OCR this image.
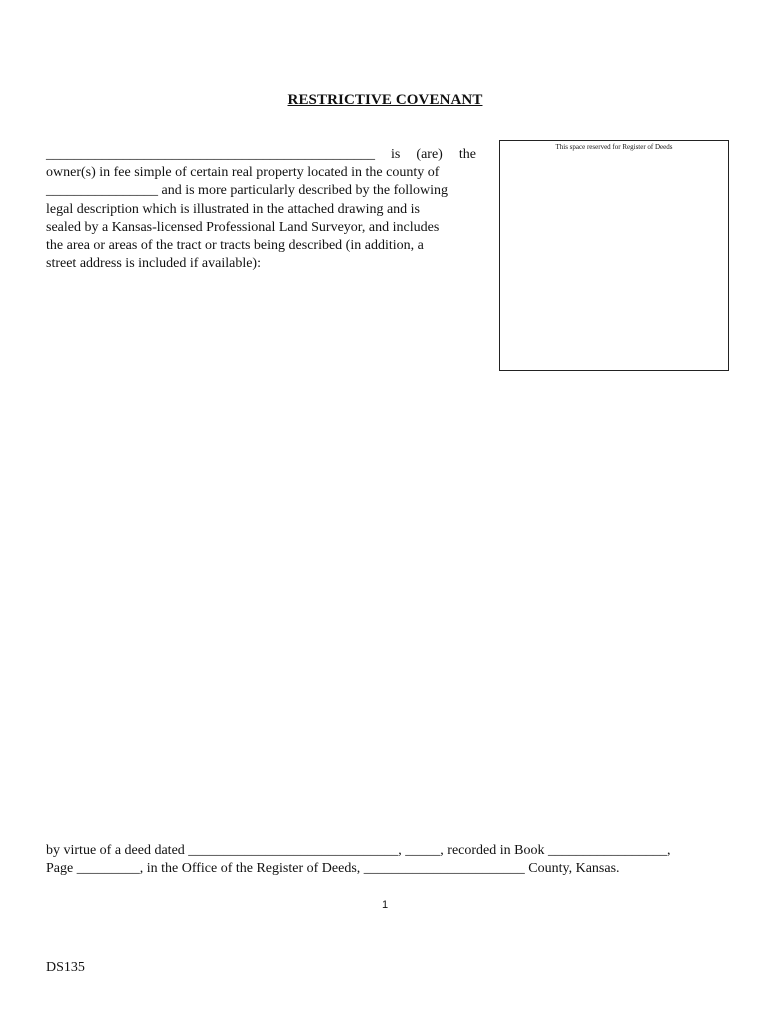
RESTRICTIVE COVENANT
This space reserved for Register of Deeds
_______________________________________________ is (are) the
owner(s) in fee simple of certain real property located in the county of
________________ and is more particularly described by the following
legal description which is illustrated in the attached drawing and is
sealed by a Kansas-licensed Professional Land Surveyor, and includes
the area or areas of the tract or tracts being described (in addition, a
street address is included if available):
by virtue of a deed dated ______________________________, _____, recorded in Book _________________,
Page _________, in the Office of the Register of Deeds, _______________________ County, Kansas.
1
DS135
